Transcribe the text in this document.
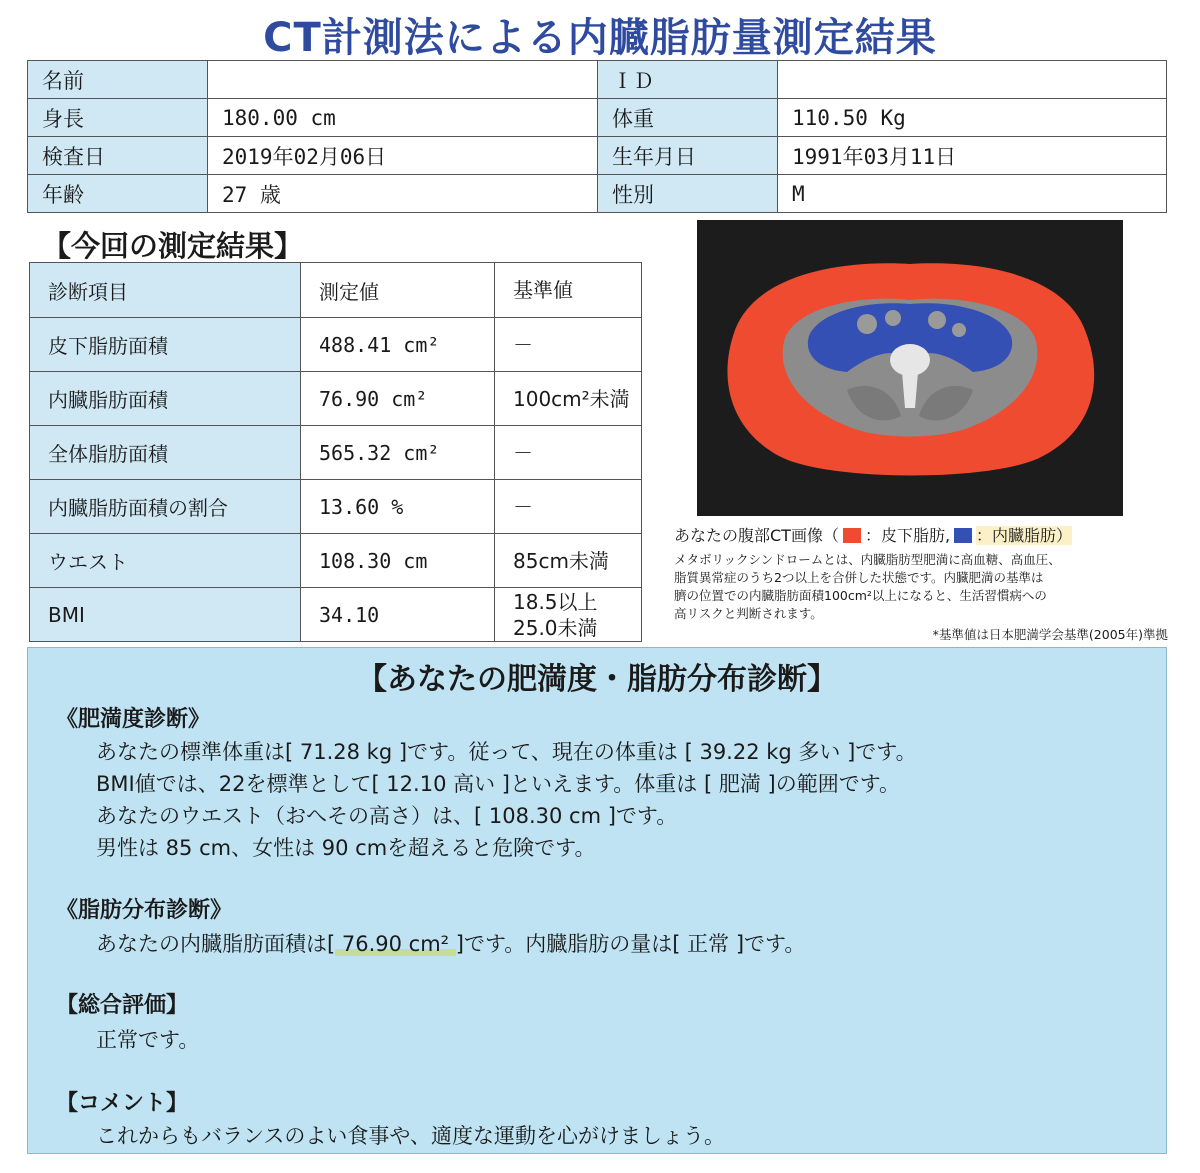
CT計測法による内臓脂肪量測定結果
名前		ＩＤ	
身長	180.00 cm	体重	110.50 Kg
検査日	2019年02月06日	生年月日	1991年03月11日
年齢	27 歳	性別	M
【今回の測定結果】
診断項目	測定値	基準値
皮下脂肪面積	488.41 cm²	－

内臓脂肪面積	76.90 cm²	100cm²未満

全体脂肪面積	565.32 cm²	－

内臓脂肪面積の割合	13.60 %	－

ウエスト	108.30 cm	85cm未満

BMI	34.10	18.5以上
25.0未満
あなたの腹部CT画像（ ：皮下脂肪, ：内臓脂肪）
メタボリックシンドロームとは、内臓脂肪型肥満に高血糖、高血圧、
脂質異常症のうち2つ以上を合併した状態です。内臓肥満の基準は
臍の位置での内臓脂肪面積100cm²以上になると、生活習慣病への
高リスクと判断されます。
*基準値は日本肥満学会基準(2005年)準拠
【あなたの肥満度・脂肪分布診断】
《肥満度診断》
あなたの標準体重は[ 71.28 kg ]です。従って、現在の体重は [ 39.22 kg 多い ]です。
BMI値では、22を標準として[ 12.10 高い ]といえます。体重は [ 肥満 ]の範囲です。
あなたのウエスト（おへその高さ）は、[ 108.30 cm ]です。
男性は 85 cm、女性は 90 cmを超えると危険です。
《脂肪分布診断》
あなたの内臓脂肪面積は[ 76.90 cm² ]です。内臓脂肪の量は[ 正常 ]です。
【総合評価】
正常です。
【コメント】
これからもバランスのよい食事や、適度な運動を心がけましょう。
